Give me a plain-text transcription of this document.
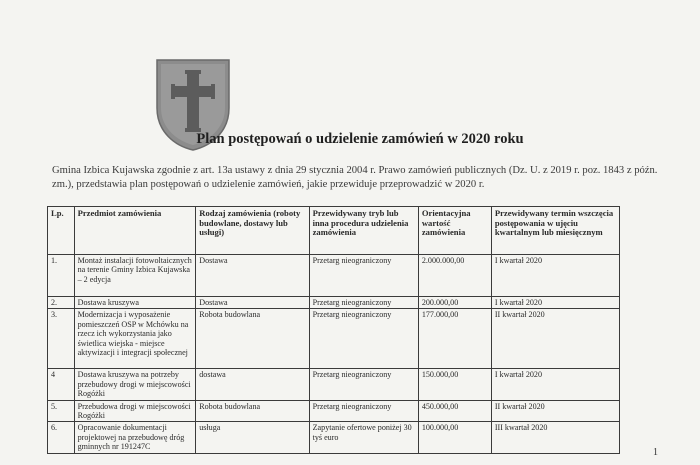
Plan postępowań o udzielenie zamówień w 2020 roku
Gmina Izbica Kujawska zgodnie z art. 13a ustawy z dnia 29 stycznia 2004 r. Prawo zamówień publicznych (Dz. U. z 2019 r. poz. 1843 z późn. zm.), przedstawia plan postępowań o udzielenie zamówień, jakie przewiduje przeprowadzić w 2020 r.
Lp.	Przedmiot zamówienia	Rodzaj zamówienia (roboty budowlane, dostawy lub usługi)	Przewidywany tryb lub inna procedura udzielenia zamówienia	Orientacyjna wartość zamówienia	Przewidywany termin wszczęcia postępowania w ujęciu kwartalnym lub miesięcznym
1.	Montaż instalacji fotowoltaicznych na terenie Gminy Izbica Kujawska – 2 edycja	Dostawa	Przetarg nieograniczony	2.000.000,00	I kwartał 2020
2.	Dostawa kruszywa	Dostawa	Przetarg nieograniczony	200.000,00	I kwartał 2020
3.	Modernizacja i wyposażenie pomieszczeń OSP w Mchówku na rzecz ich wykorzystania jako świetlica wiejska - miejsce aktywizacji i integracji społecznej	Robota budowlana	Przetarg nieograniczony	177.000,00	II kwartał 2020
4	Dostawa kruszywa na potrzeby przebudowy drogi w miejscowości Rogóżki	dostawa	Przetarg nieograniczony	150.000,00	I kwartał 2020
5.	Przebudowa drogi w miejscowości Rogóżki	Robota budowlana	Przetarg nieograniczony	450.000,00	II kwartał 2020
6.	Opracowanie dokumentacji projektowej na przebudowę dróg gminnych nr 191247C	usługa	Zapytanie ofertowe poniżej 30 tyś euro	100.000,00	III kwartał 2020
1
